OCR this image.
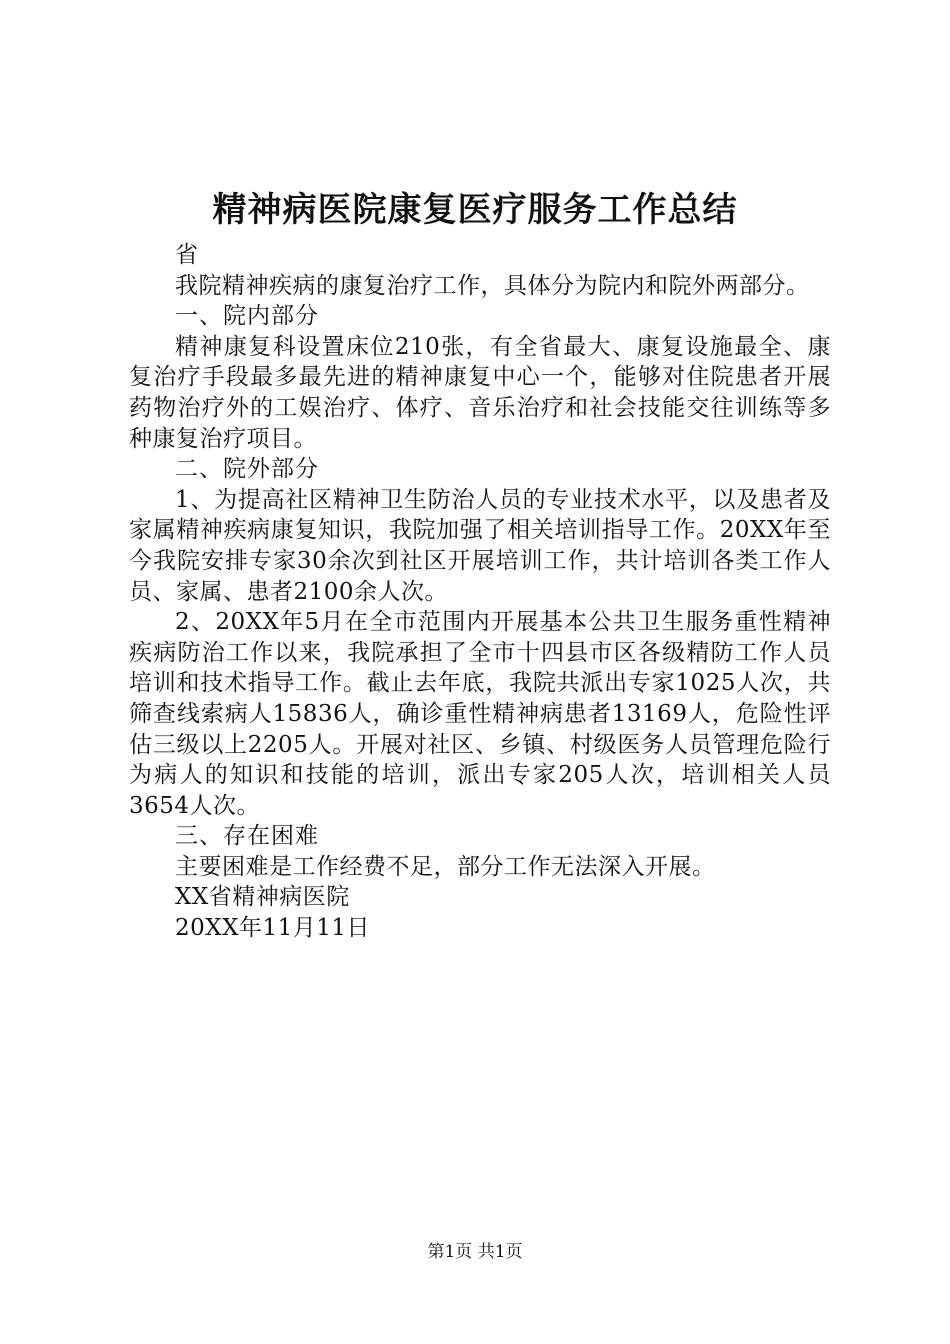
精神病医院康复医疗服务工作总结

省

我院精神疾病的康复治疗工作，具体分为院内和院外两部分。

一、院内部分

精神康复科设置床位210张，有全省最大、康复设施最全、康复治疗手段最多最先进的精神康复中心一个，能够对住院患者开展药物治疗外的工娱治疗、体疗、音乐治疗和社会技能交往训练等多种康复治疗项目。

二、院外部分

1、为提高社区精神卫生防治人员的专业技术水平，以及患者及家属精神疾病康复知识，我院加强了相关培训指导工作。20XX年至今我院安排专家30余次到社区开展培训工作，共计培训各类工作人员、家属、患者2100余人次。

2、20XX年5月在全市范围内开展基本公共卫生服务重性精神疾病防治工作以来，我院承担了全市十四县市区各级精防工作人员培训和技术指导工作。截止去年底，我院共派出专家1025人次，共筛查线索病人15836人，确诊重性精神病患者13169人，危险性评估三级以上2205人。开展对社区、乡镇、村级医务人员管理危险行为病人的知识和技能的培训，派出专家205人次，培训相关人员3654人次。

三、存在困难

主要困难是工作经费不足，部分工作无法深入开展。

XX省精神病医院

20XX年11月11日

第1页 共1页
